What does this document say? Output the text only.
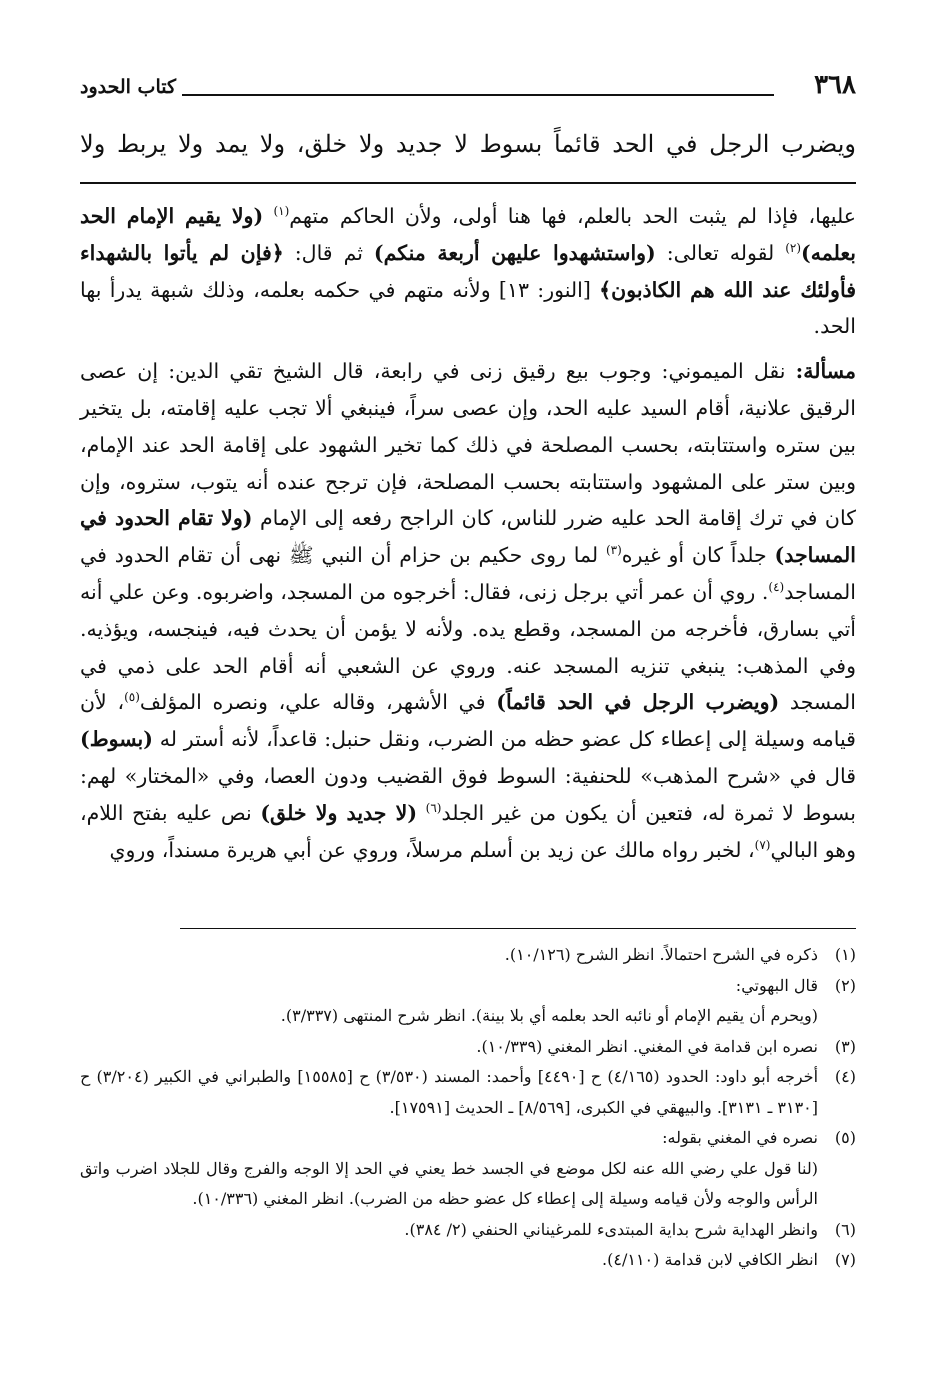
٣٦٨
كتاب الحدود
ويضرب الرجل في الحد قائماً بسوط لا جديد ولا خلق، ولا يمد ولا يربط ولا

عليها، فإذا لم يثبت الحد بالعلم، فها هنا أولى، ولأن الحاكم متهم$^{(١)}$ (ولا يقيم الإمام الحد بعلمه)$^{(٢)}$ لقوله تعالى: (واستشهدوا عليهن أربعة منكم) ثم قال: ﴿فإن لم يأتوا بالشهداء فأولئك عند الله هم الكاذبون﴾ [النور: ١٣] ولأنه متهم في حكمه بعلمه، وذلك شبهة يدرأ بها الحد.

مسألة: نقل الميموني: وجوب بيع رقيق زنى في رابعة، قال الشيخ تقي الدين: إن عصى الرقيق علانية، أقام السيد عليه الحد، وإن عصى سراً، فينبغي ألا تجب عليه إقامته، بل يتخير بين ستره واستتابته، بحسب المصلحة في ذلك كما تخير الشهود على إقامة الحد عند الإمام، وبين ستر على المشهود واستتابته بحسب المصلحة، فإن ترجح عنده أنه يتوب، ستروه، وإن كان في ترك إقامة الحد عليه ضرر للناس، كان الراجح رفعه إلى الإمام (ولا تقام الحدود في المساجد) جلداً كان أو غيره$^{(٣)}$ لما روى حكيم بن حزام أن النبي ﷺ نهى أن تقام الحدود في المساجد$^{(٤)}$. روي أن عمر أتي برجل زنى، فقال: أخرجوه من المسجد، واضربوه. وعن علي أنه أتي بسارق، فأخرجه من المسجد، وقطع يده. ولأنه لا يؤمن أن يحدث فيه، فينجسه، ويؤذيه. وفي المذهب: ينبغي تنزيه المسجد عنه. وروي عن الشعبي أنه أقام الحد على ذمي في المسجد (ويضرب الرجل في الحد قائماً) في الأشهر، وقاله علي، ونصره المؤلف$^{(٥)}$، لأن قيامه وسيلة إلى إعطاء كل عضو حظه من الضرب، ونقل حنبل: قاعداً، لأنه أستر له (بسوط) قال في «شرح المذهب» للحنفية: السوط فوق القضيب ودون العصا، وفي «المختار» لهم: بسوط لا ثمرة له، فتعين أن يكون من غير الجلد$^{(٦)}$ (لا جديد ولا خلق) نص عليه بفتح اللام، وهو البالي$^{(٧)}$، لخبر رواه مالك عن زيد بن أسلم مرسلاً، وروي عن أبي هريرة مسنداً، وروي

(١)
ذكره في الشرح احتمالاً. انظر الشرح (١٠/١٢٦).
(٢)
قال البهوتي:
(ويحرم أن يقيم الإمام أو نائبه الحد بعلمه أي بلا بينة). انظر شرح المنتهى (٣/٣٣٧).
(٣)
نصره ابن قدامة في المغني. انظر المغني (١٠/٣٣٩).
(٤)
أخرجه أبو داود: الحدود (٤/١٦٥) ح [٤٤٩٠] وأحمد: المسند (٣/٥٣٠) ح [١٥٥٨٥] والطبراني في الكبير (٣/٢٠٤) ح [٣١٣٠ ـ ٣١٣١]. والبيهقي في الكبرى، [٨/٥٦٩] ـ الحديث [١٧٥٩١].
(٥)
نصره في المغني بقوله:
(لنا قول علي رضي الله عنه لكل موضع في الجسد خط يعني في الحد إلا الوجه والفرج وقال للجلاد اضرب واتق الرأس والوجه ولأن قيامه وسيلة إلى إعطاء كل عضو حظه من الضرب). انظر المغني (١٠/٣٣٦).
(٦)
وانظر الهداية شرح بداية المبتدىء للمرغيناني الحنفي (٢/ ٣٨٤).
(٧)
انظر الكافي لابن قدامة (٤/١١٠).
